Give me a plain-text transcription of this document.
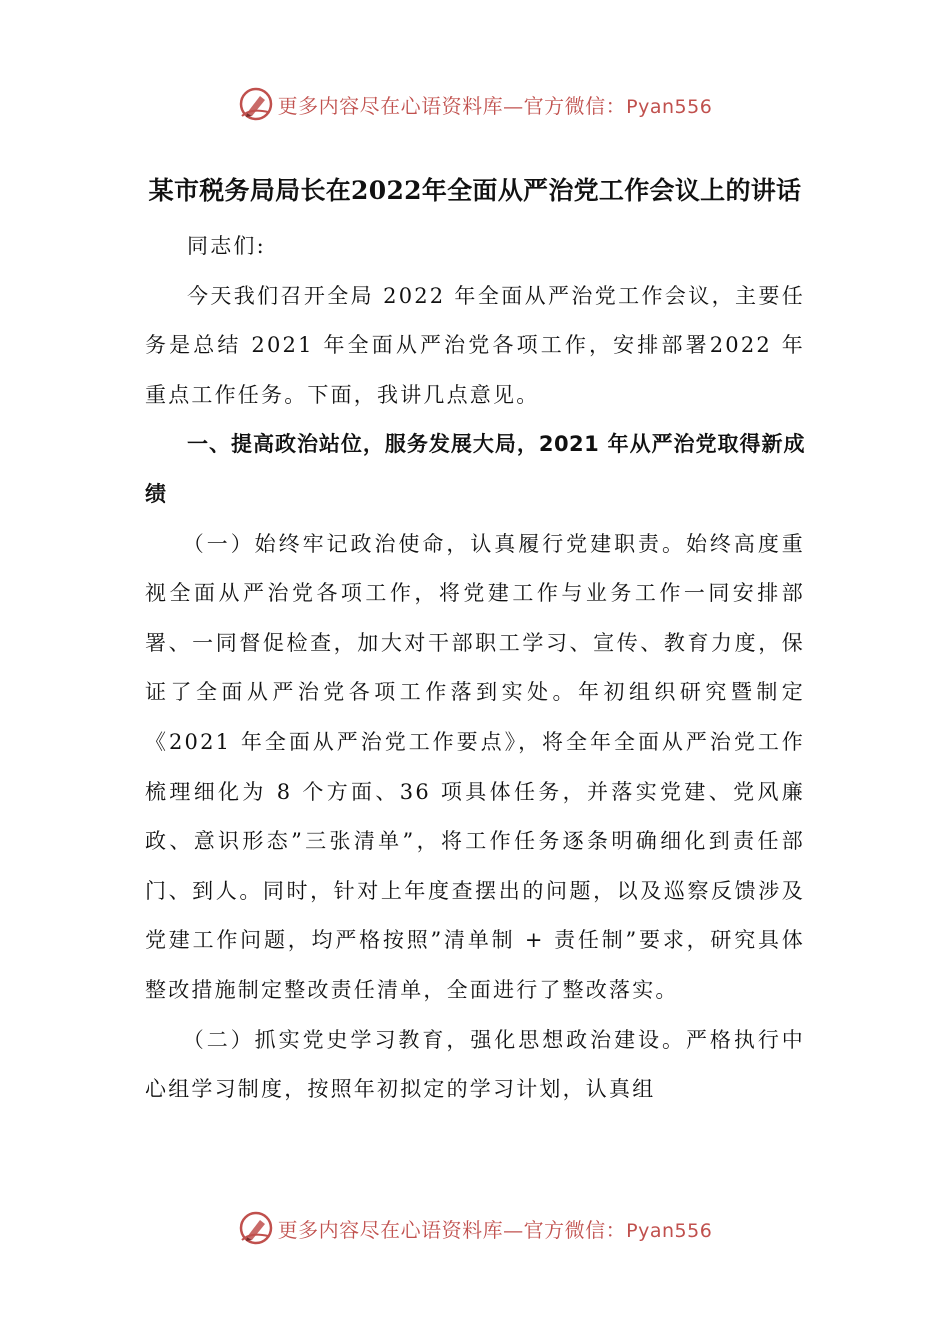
更多内容尽在心语资料库—官方微信：Pyan556
某市税务局局长在2022年全面从严治党工作会议上的讲话

同志们:

今天我们召开全局 2022 年全面从严治党工作会议，主要任务是总结 2021 年全面从严治党各项工作，安排部署2022 年重点工作任务。下面，我讲几点意见。

一、提高政治站位，服务发展大局，2021 年从严治党取得新成绩

（一）始终牢记政治使命，认真履行党建职责。始终高度重视全面从严治党各项工作，将党建工作与业务工作一同安排部署、一同督促检查，加大对干部职工学习、宣传、教育力度，保证了全面从严治党各项工作落到实处。年初组织研究暨制定《2021 年全面从严治党工作要点》，将全年全面从严治党工作梳理细化为 8 个方面、36 项具体任务，并落实党建、党风廉政、意识形态”三张清单”，将工作任务逐条明确细化到责任部门、到人。同时，针对上年度查摆出的问题，以及巡察反馈涉及党建工作问题，均严格按照”清单制 + 责任制”要求，研究具体整改措施制定整改责任清单，全面进行了整改落实。

（二）抓实党史学习教育，强化思想政治建设。严格执行中心组学习制度，按照年初拟定的学习计划，认真组

更多内容尽在心语资料库—官方微信：Pyan556
